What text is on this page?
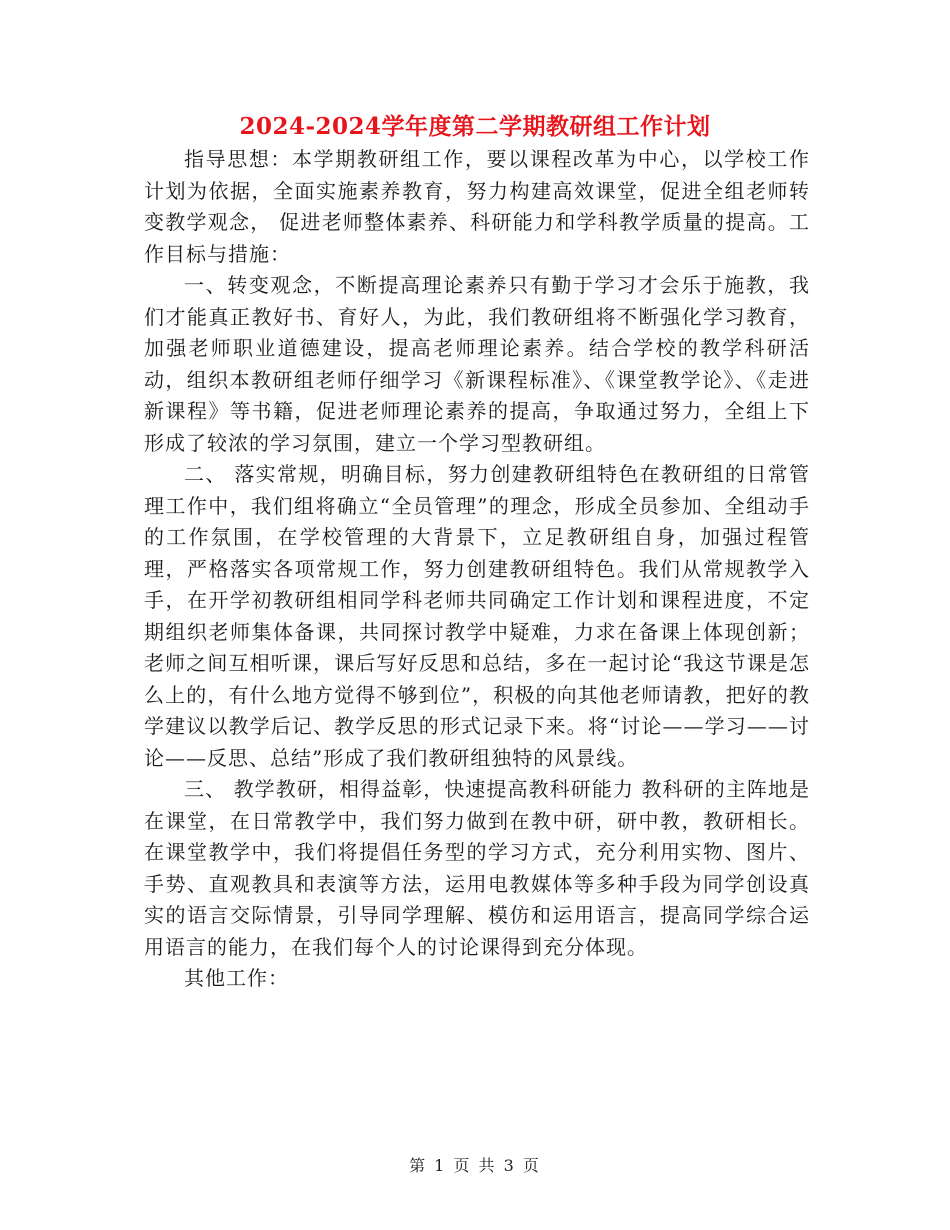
2024-2024学年度第二学期教研组工作计划

指导思想：本学期教研组工作，要以课程改革为中心，以学校工作计划为依据，全面实施素养教育，努力构建高效课堂，促进全组老师转变教学观念， 促进老师整体素养、科研能力和学科教学质量的提高。工作目标与措施：

一、转变观念，不断提高理论素养只有勤于学习才会乐于施教，我们才能真正教好书、育好人，为此，我们教研组将不断强化学习教育，加强老师职业道德建设，提高老师理论素养。结合学校的教学科研活动，组织本教研组老师仔细学习《新课程标准》、《课堂教学论》、《走进新课程》等书籍，促进老师理论素养的提高，争取通过努力，全组上下形成了较浓的学习氛围，建立一个学习型教研组。

二、 落实常规，明确目标，努力创建教研组特色在教研组的日常管理工作中，我们组将确立“全员管理”的理念，形成全员参加、全组动手的工作氛围，在学校管理的大背景下，立足教研组自身，加强过程管理，严格落实各项常规工作，努力创建教研组特色。我们从常规教学入手，在开学初教研组相同学科老师共同确定工作计划和课程进度，不定期组织老师集体备课，共同探讨教学中疑难，力求在备课上体现创新；老师之间互相听课，课后写好反思和总结，多在一起讨论“我这节课是怎么上的，有什么地方觉得不够到位”，积极的向其他老师请教，把好的教学建议以教学后记、教学反思的形式记录下来。将“讨论——学习——讨论——反思、总结”形成了我们教研组独特的风景线。

三、 教学教研，相得益彰，快速提高教科研能力 教科研的主阵地是在课堂，在日常教学中，我们努力做到在教中研，研中教，教研相长。在课堂教学中，我们将提倡任务型的学习方式，充分利用实物、图片、手势、直观教具和表演等方法，运用电教媒体等多种手段为同学创设真实的语言交际情景，引导同学理解、模仿和运用语言，提高同学综合运用语言的能力，在我们每个人的讨论课得到充分体现。

其他工作：

第 1 页 共 3 页
